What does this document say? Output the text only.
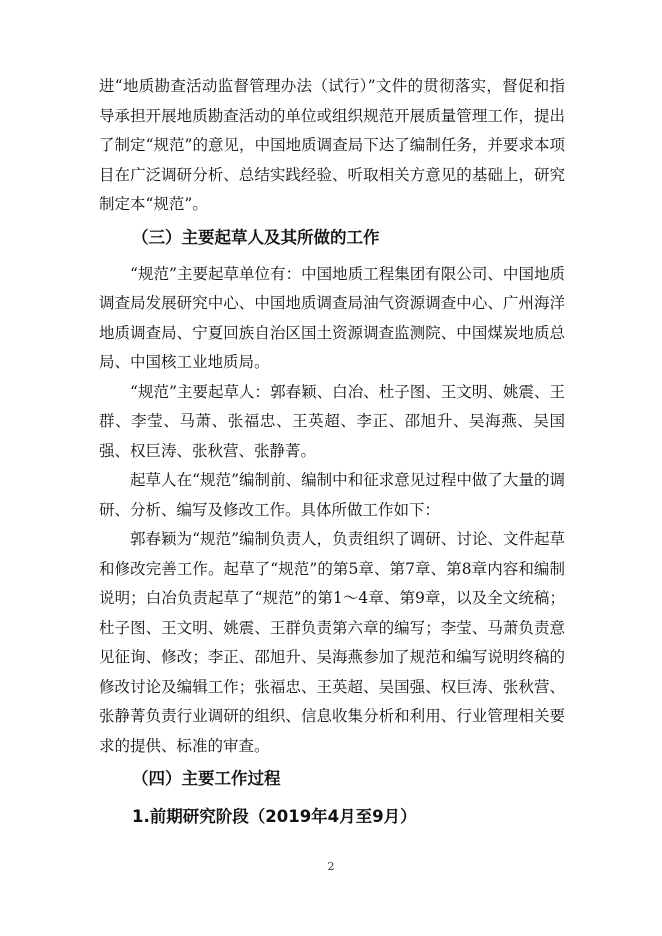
进“地质勘查活动监督管理办法（试行）”文件的贯彻落实，督促和指导承担开展地质勘查活动的单位或组织规范开展质量管理工作，提出了制定“规范”的意见，中国地质调查局下达了编制任务，并要求本项目在广泛调研分析、总结实践经验、听取相关方意见的基础上，研究制定本“规范”。

（三）主要起草人及其所做的工作

“规范”主要起草单位有：中国地质工程集团有限公司、中国地质调查局发展研究中心、中国地质调查局油气资源调查中心、广州海洋地质调查局、宁夏回族自治区国土资源调查监测院、中国煤炭地质总局、中国核工业地质局。

“规范”主要起草人：郭春颖、白冶、杜子图、王文明、姚震、王群、李莹、马萧、张福忠、王英超、李正、邵旭升、吴海燕、吴国强、权巨涛、张秋营、张静菁。

起草人在“规范”编制前、编制中和征求意见过程中做了大量的调研、分析、编写及修改工作。具体所做工作如下：

郭春颖为“规范”编制负责人，负责组织了调研、讨论、文件起草和修改完善工作。起草了“规范”的第5章、第7章、第8章内容和编制说明；白冶负责起草了“规范”的第1～4章、第9章，以及全文统稿；杜子图、王文明、姚震、王群负责第六章的编写；李莹、马萧负责意见征询、修改；李正、邵旭升、吴海燕参加了规范和编写说明终稿的修改讨论及编辑工作；张福忠、王英超、吴国强、权巨涛、张秋营、张静菁负责行业调研的组织、信息收集分析和利用、行业管理相关要求的提供、标准的审查。

（四）主要工作过程
1.前期研究阶段（2019年4月至9月）
2
